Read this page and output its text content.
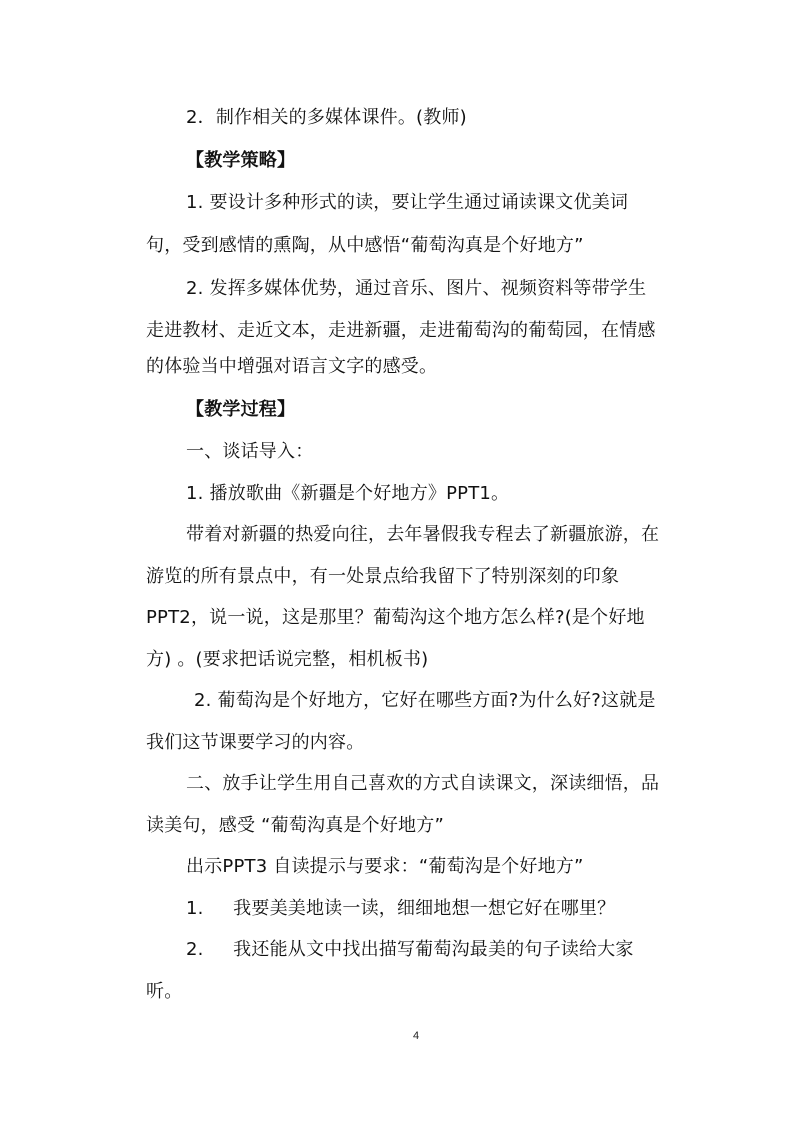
2．制作相关的多媒体课件。(教师)
【教学策略】
1. 要设计多种形式的读，要让学生通过诵读课文优美词
句，受到感情的熏陶，从中感悟“葡萄沟真是个好地方”
2. 发挥多媒体优势，通过音乐、图片、视频资料等带学生
走进教材、走近文本，走进新疆，走进葡萄沟的葡萄园，在情感
的体验当中增强对语言文字的感受。
【教学过程】
一、谈话导入：
1. 播放歌曲《新疆是个好地方》PPT1。
带着对新疆的热爱向往，去年暑假我专程去了新疆旅游，在
游览的所有景点中，有一处景点给我留下了特别深刻的印象
PPT2，说一说，这是那里？葡萄沟这个地方怎么样?(是个好地
方) 。(要求把话说完整，相机板书)
2. 葡萄沟是个好地方，它好在哪些方面?为什么好?这就是
我们这节课要学习的内容。
二、放手让学生用自己喜欢的方式自读课文，深读细悟，品
读美句，感受 “葡萄沟真是个好地方”
出示PPT3 自读提示与要求：“葡萄沟是个好地方”
1.     我要美美地读一读，细细地想一想它好在哪里？
2.     我还能从文中找出描写葡萄沟最美的句子读给大家
听。
4
